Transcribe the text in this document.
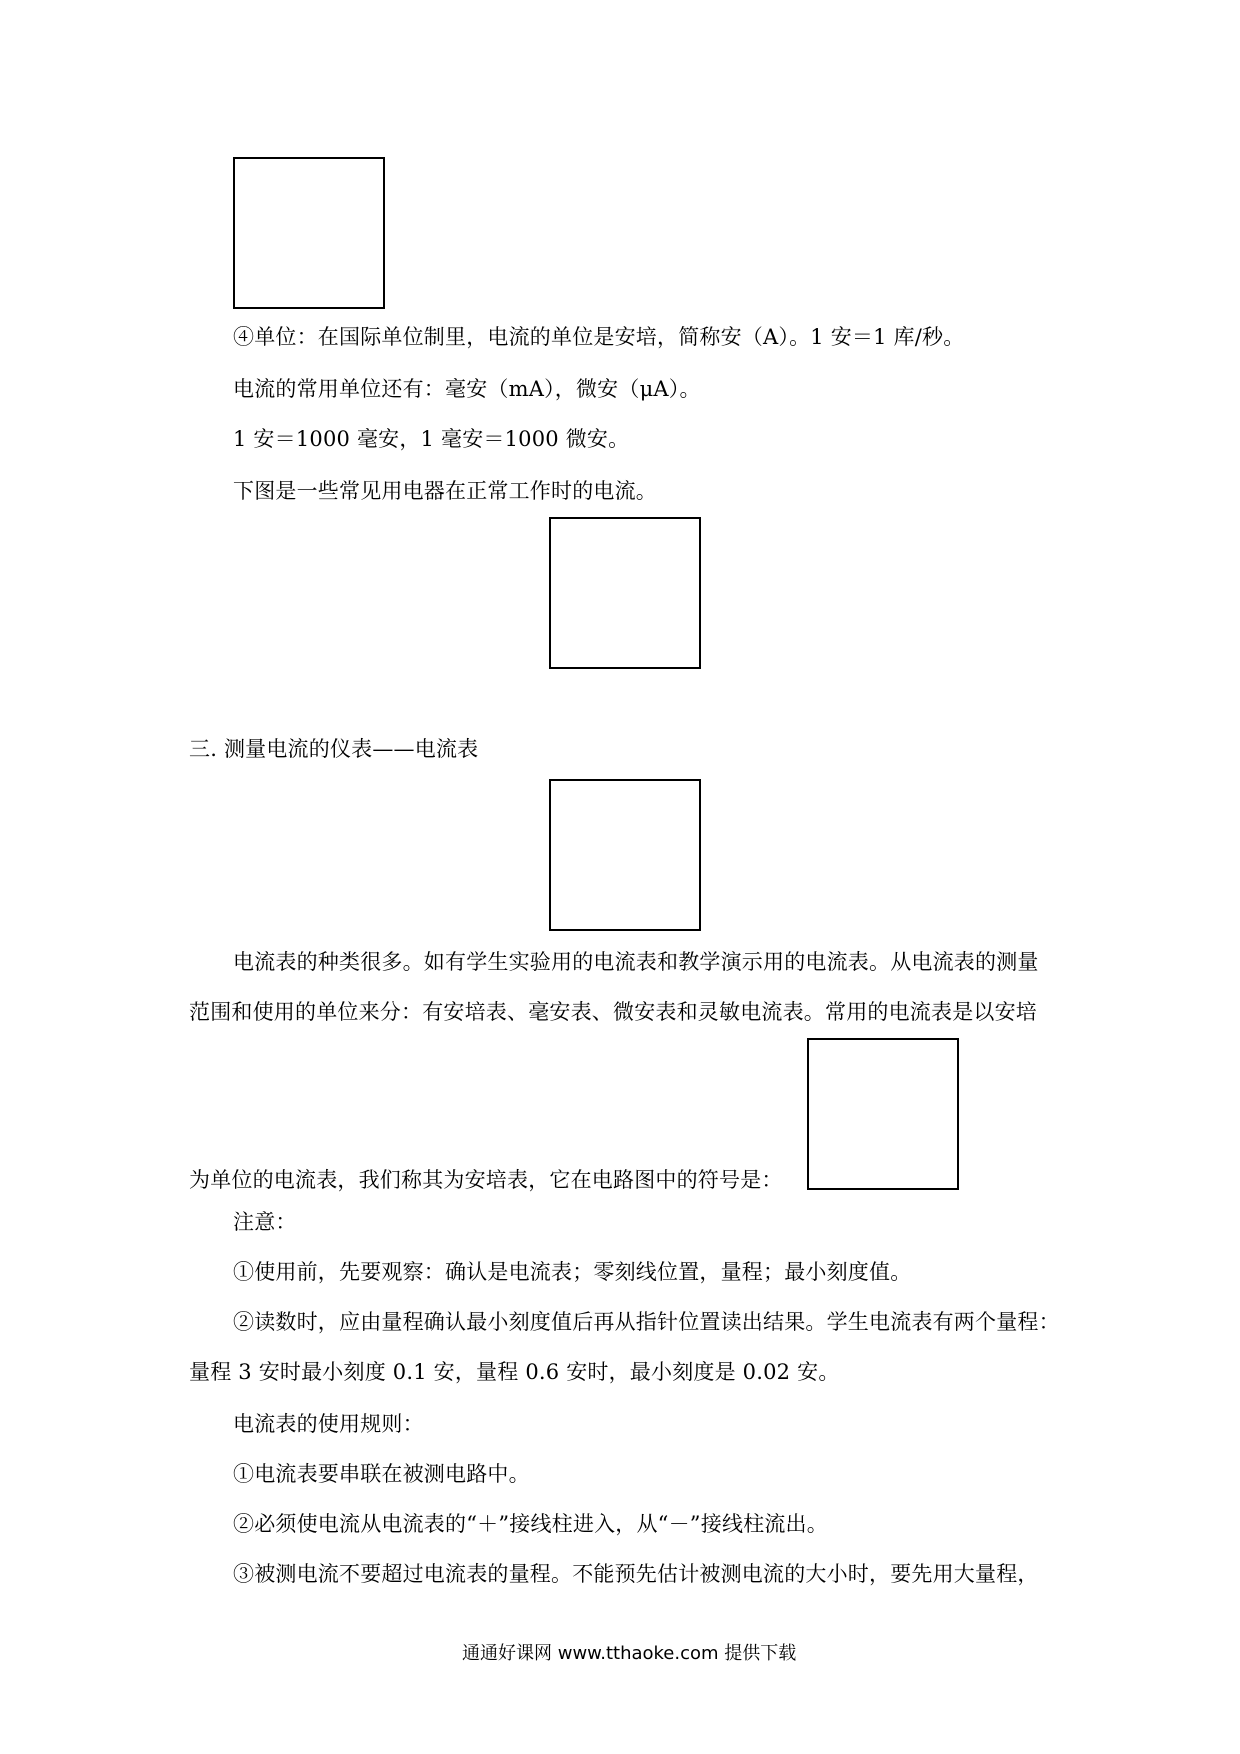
④单位：在国际单位制里，电流的单位是安培，简称安（A）。1 安＝1 库/秒。
电流的常用单位还有：毫安（mA），微安（μA）。
1 安＝1000 毫安，1 毫安＝1000 微安。
下图是一些常见用电器在正常工作时的电流。
三. 测量电流的仪表——电流表
电流表的种类很多。如有学生实验用的电流表和教学演示用的电流表。从电流表的测量
范围和使用的单位来分：有安培表、毫安表、微安表和灵敏电流表。常用的电流表是以安培
为单位的电流表，我们称其为安培表，它在电路图中的符号是：
注意：
①使用前，先要观察：确认是电流表；零刻线位置，量程；最小刻度值。
②读数时，应由量程确认最小刻度值后再从指针位置读出结果。学生电流表有两个量程：
量程 3 安时最小刻度 0.1 安，量程 0.6 安时，最小刻度是 0.02 安。
电流表的使用规则：
①电流表要串联在被测电路中。
②必须使电流从电流表的“＋”接线柱进入，从“－”接线柱流出。
③被测电流不要超过电流表的量程。不能预先估计被测电流的大小时，要先用大量程，
通通好课网 www.tthaoke.com 提供下载
